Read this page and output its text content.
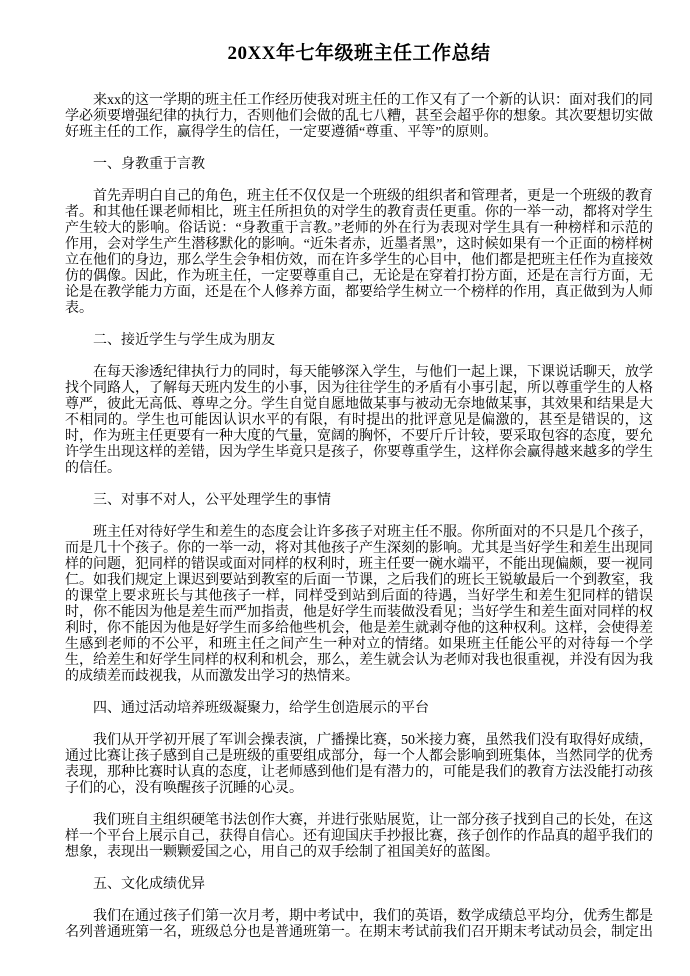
20XX年七年级班主任工作总结

来xx的这一学期的班主任工作经历使我对班主任的工作又有了一个新的认识：面对我们的同学必须要增强纪律的执行力，否则他们会做的乱七八糟，甚至会超乎你的想象。其次要想切实做好班主任的工作，赢得学生的信任，一定要遵循“尊重、平等”的原则。

一、身教重于言教

首先弄明白自己的角色，班主任不仅仅是一个班级的组织者和管理者，更是一个班级的教育者。和其他任课老师相比，班主任所担负的对学生的教育责任更重。你的一举一动，都将对学生产生较大的影响。俗话说：“身教重于言教。”老师的外在行为表现对学生具有一种榜样和示范的作用，会对学生产生潜移默化的影响。“近朱者赤，近墨者黑”，这时候如果有一个正面的榜样树立在他们的身边，那么学生会争相仿效，而在许多学生的心目中，他们都是把班主任作为直接效仿的偶像。因此，作为班主任，一定要尊重自己，无论是在穿着打扮方面，还是在言行方面，无论是在教学能力方面，还是在个人修养方面，都要给学生树立一个榜样的作用，真正做到为人师表。

二、接近学生与学生成为朋友

在每天渗透纪律执行力的同时，每天能够深入学生，与他们一起上课，下课说话聊天，放学找个同路人，了解每天班内发生的小事，因为往往学生的矛盾有小事引起，所以尊重学生的人格尊严，彼此无高低、尊卑之分。学生自觉自愿地做某事与被动无奈地做某事，其效果和结果是大不相同的。学生也可能因认识水平的有限，有时提出的批评意见是偏激的，甚至是错误的，这时，作为班主任更要有一种大度的气量，宽阔的胸怀，不要斤斤计较，要采取包容的态度，要允许学生出现这样的差错，因为学生毕竟只是孩子，你要尊重学生，这样你会赢得越来越多的学生的信任。

三、对事不对人，公平处理学生的事情

班主任对待好学生和差生的态度会让许多孩子对班主任不服。你所面对的不只是几个孩子，而是几十个孩子。你的一举一动，将对其他孩子产生深刻的影响。尤其是当好学生和差生出现同样的问题，犯同样的错误或面对同样的权利时，班主任要一碗水端平，不能出现偏颇，要一视同仁。如我们规定上课迟到要站到教室的后面一节课，之后我们的班长王锐敏最后一个到教室，我的课堂上要求班长与其他孩子一样，同样受到站到后面的待遇，当好学生和差生犯同样的错误时，你不能因为他是差生而严加指责，他是好学生而装做没看见；当好学生和差生面对同样的权利时，你不能因为他是好学生而多给他些机会，他是差生就剥夺他的这种权利。这样，会使得差生感到老师的不公平，和班主任之间产生一种对立的情绪。如果班主任能公平的对待每一个学生，给差生和好学生同样的权利和机会，那么，差生就会认为老师对我也很重视，并没有因为我的成绩差而歧视我，从而激发出学习的热情来。

四、通过活动培养班级凝聚力，给学生创造展示的平台

我们从开学初开展了军训会操表演，广播操比赛，50米接力赛，虽然我们没有取得好成绩，通过比赛让孩子感到自己是班级的重要组成部分，每一个人都会影响到班集体，当然同学的优秀表现，那种比赛时认真的态度，让老师感到他们是有潜力的，可能是我们的教育方法没能打动孩子们的心，没有唤醒孩子沉睡的心灵。

我们班自主组织硬笔书法创作大赛，并进行张贴展览，让一部分孩子找到自己的长处，在这样一个平台上展示自己，获得自信心。还有迎国庆手抄报比赛，孩子创作的作品真的超乎我们的想象，表现出一颗颗爱国之心，用自己的双手绘制了祖国美好的蓝图。

五、文化成绩优异

我们在通过孩子们第一次月考，期中考试中，我们的英语，数学成绩总平均分，优秀生都是名列普通班第一名，班级总分也是普通班第一。在期末考试前我们召开期末考试动员会，制定出
